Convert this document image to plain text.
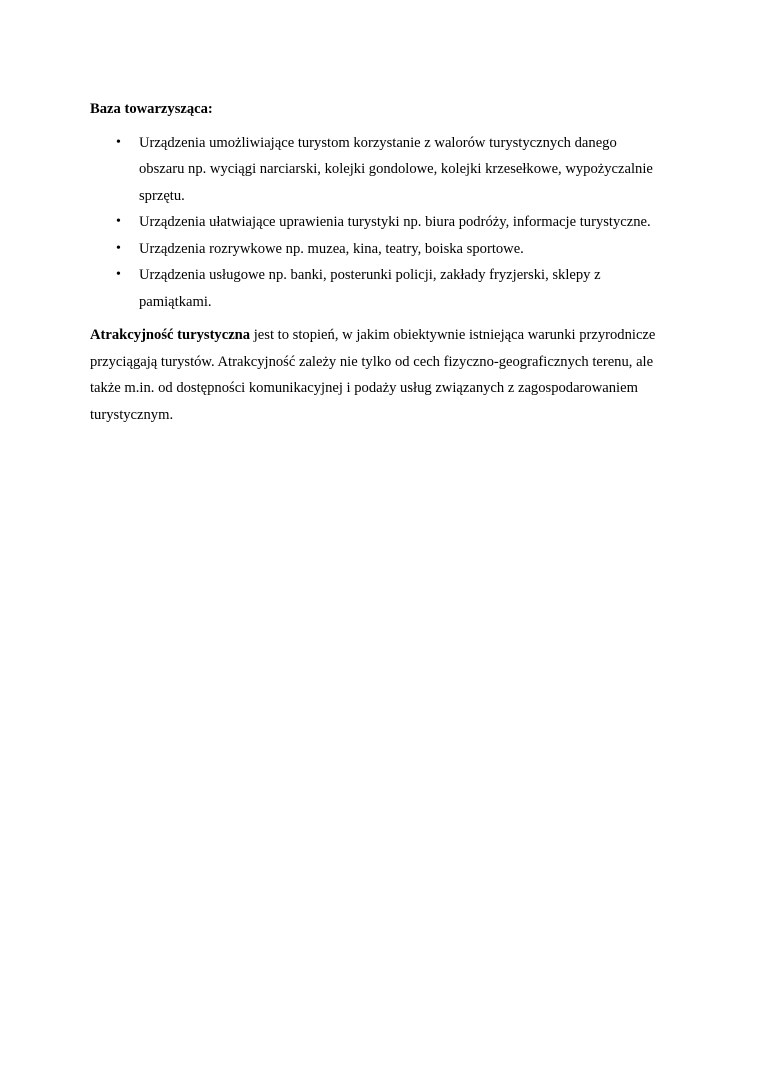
Baza towarzysząca:
• Urządzenia umożliwiające turystom korzystanie z walorów turystycznych danego obszaru np. wyciągi narciarski, kolejki gondolowe, kolejki krzesełkowe, wypożyczalnie sprzętu.
• Urządzenia ułatwiające uprawienia turystyki np. biura podróży, informacje turystyczne.
• Urządzenia rozrywkowe np. muzea, kina, teatry, boiska sportowe.
• Urządzenia usługowe np. banki, posterunki policji, zakłady fryzjerski, sklepy z pamiątkami.

Atrakcyjność turystyczna jest to stopień, w jakim obiektywnie istniejąca warunki przyrodnicze przyciągają turystów. Atrakcyjność zależy nie tylko od cech fizyczno-geograficznych terenu, ale także m.in. od dostępności komunikacyjnej i podaży usług związanych z zagospodarowaniem turystycznym.
